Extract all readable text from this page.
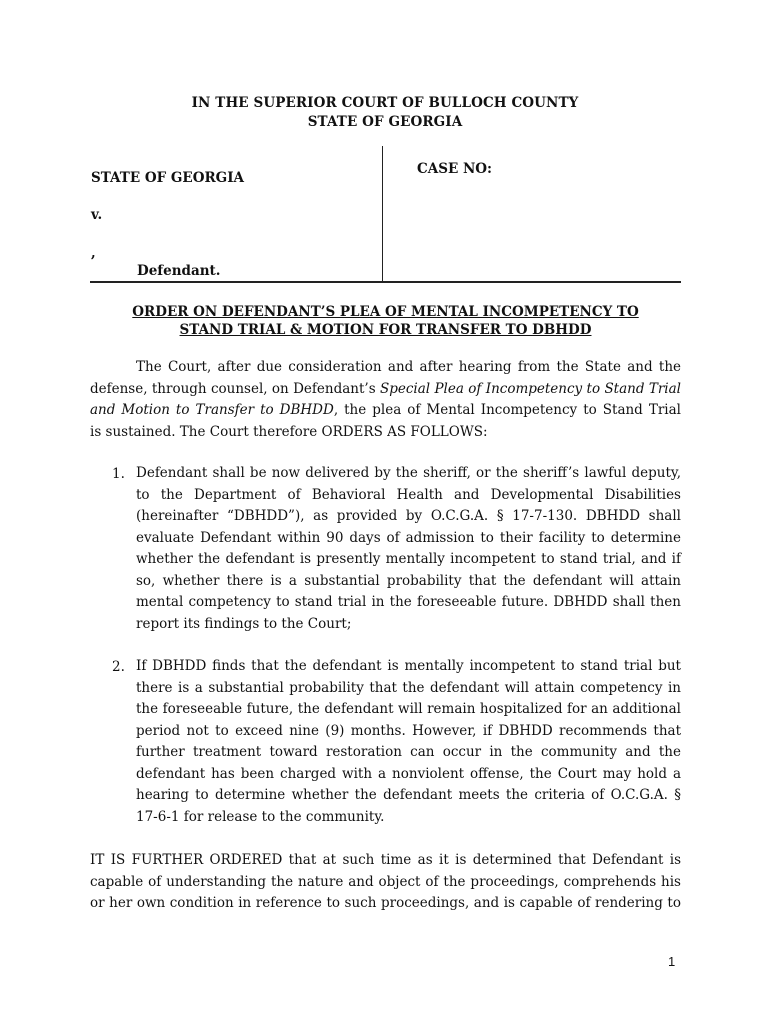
IN THE SUPERIOR COURT OF BULLOCH COUNTY
STATE OF GEORGIA
STATE OF GEORGIA
v.
,
Defendant.
CASE NO:
ORDER ON DEFENDANT’S PLEA OF MENTAL INCOMPETENCY TO
STAND TRIAL & MOTION FOR TRANSFER TO DBHDD
The Court, after due consideration and after hearing from the State and the
defense, through counsel, on Defendant’s Special Plea of Incompetency to Stand Trial
and Motion to Transfer to DBHDD, the plea of Mental Incompetency to Stand Trial
is sustained. The Court therefore ORDERS AS FOLLOWS:
1. Defendant shall be now delivered by the sheriff, or the sheriff’s lawful deputy,
to the Department of Behavioral Health and Developmental Disabilities
(hereinafter “DBHDD”), as provided by O.C.G.A. § 17-7-130. DBHDD shall
evaluate Defendant within 90 days of admission to their facility to determine
whether the defendant is presently mentally incompetent to stand trial, and if
so, whether there is a substantial probability that the defendant will attain
mental competency to stand trial in the foreseeable future. DBHDD shall then
report its findings to the Court;
2. If DBHDD finds that the defendant is mentally incompetent to stand trial but
there is a substantial probability that the defendant will attain competency in
the foreseeable future, the defendant will remain hospitalized for an additional
period not to exceed nine (9) months. However, if DBHDD recommends that
further treatment toward restoration can occur in the community and the
defendant has been charged with a nonviolent offense, the Court may hold a
hearing to determine whether the defendant meets the criteria of O.C.G.A. §
17-6-1 for release to the community.
IT IS FURTHER ORDERED that at such time as it is determined that Defendant is
capable of understanding the nature and object of the proceedings, comprehends his
or her own condition in reference to such proceedings, and is capable of rendering to
1
